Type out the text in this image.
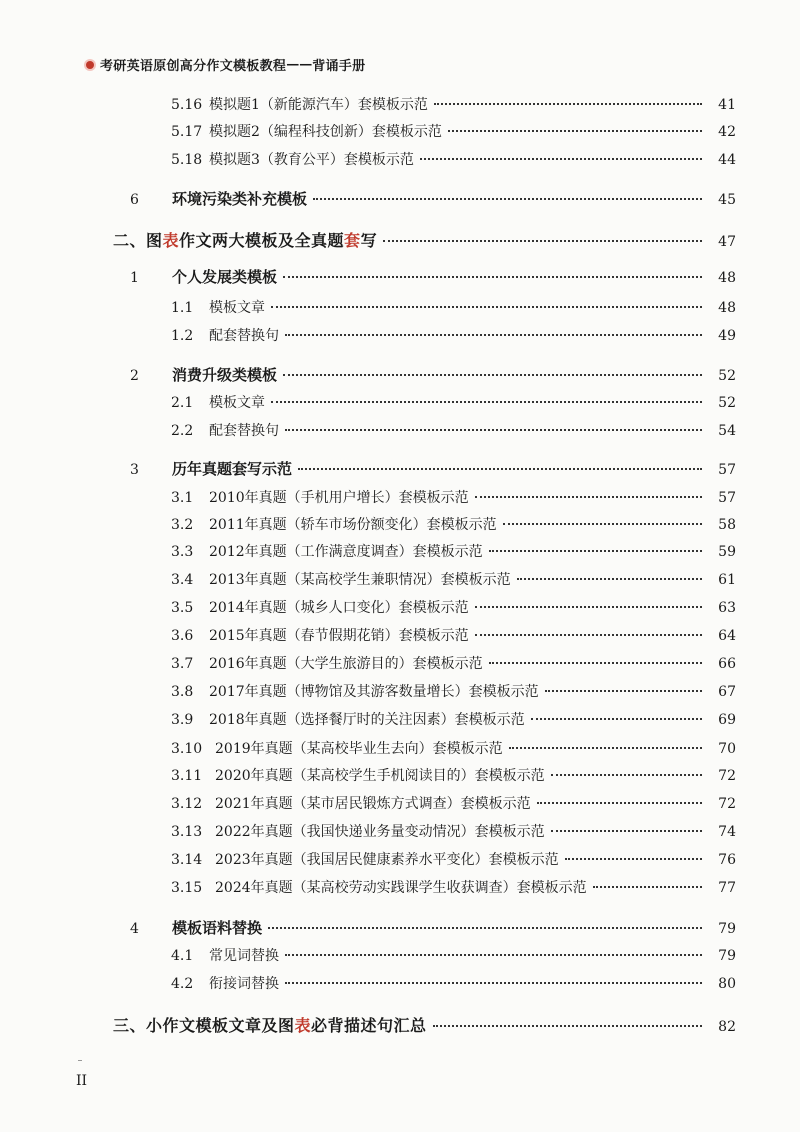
考研英语原创高分作文模板教程 —— 背诵手册
5.16 模拟题1（新能源汽车）套模板示范	41
5.17 模拟题2（编程科技创新）套模板示范	42
5.18 模拟题3（教育公平）套模板示范	44
6	环境污染类补充模板	45
二、图表作文两大模板及全真题套写	47
1	个人发展类模板	48
1.1	模板文章	48
1.2	配套替换句	49
2	消费升级类模板	52
2.1	模板文章	52
2.2	配套替换句	54
3	历年真题套写示范	57
3.1	2010年真题（手机用户增长）套模板示范	57
3.2	2011年真题（轿车市场份额变化）套模板示范	58
3.3	2012年真题（工作满意度调查）套模板示范	59
3.4	2013年真题（某高校学生兼职情况）套模板示范	61
3.5	2014年真题（城乡人口变化）套模板示范	63
3.6	2015年真题（春节假期花销）套模板示范	64
3.7	2016年真题（大学生旅游目的）套模板示范	66
3.8	2017年真题（博物馆及其游客数量增长）套模板示范	67
3.9	2018年真题（选择餐厅时的关注因素）套模板示范	69
3.10 2019年真题（某高校毕业生去向）套模板示范	70
3.11 2020年真题（某高校学生手机阅读目的）套模板示范	72
3.12 2021年真题（某市居民锻炼方式调查）套模板示范	72
3.13 2022年真题（我国快递业务量变动情况）套模板示范	74
3.14 2023年真题（我国居民健康素养水平变化）套模板示范	76
3.15 2024年真题（某高校劳动实践课学生收获调查）套模板示范	77
4	模板语料替换	79
4.1	常见词替换	79
4.2	衔接词替换	80
三、小作文模板文章及图表必背描述句汇总	82
II
